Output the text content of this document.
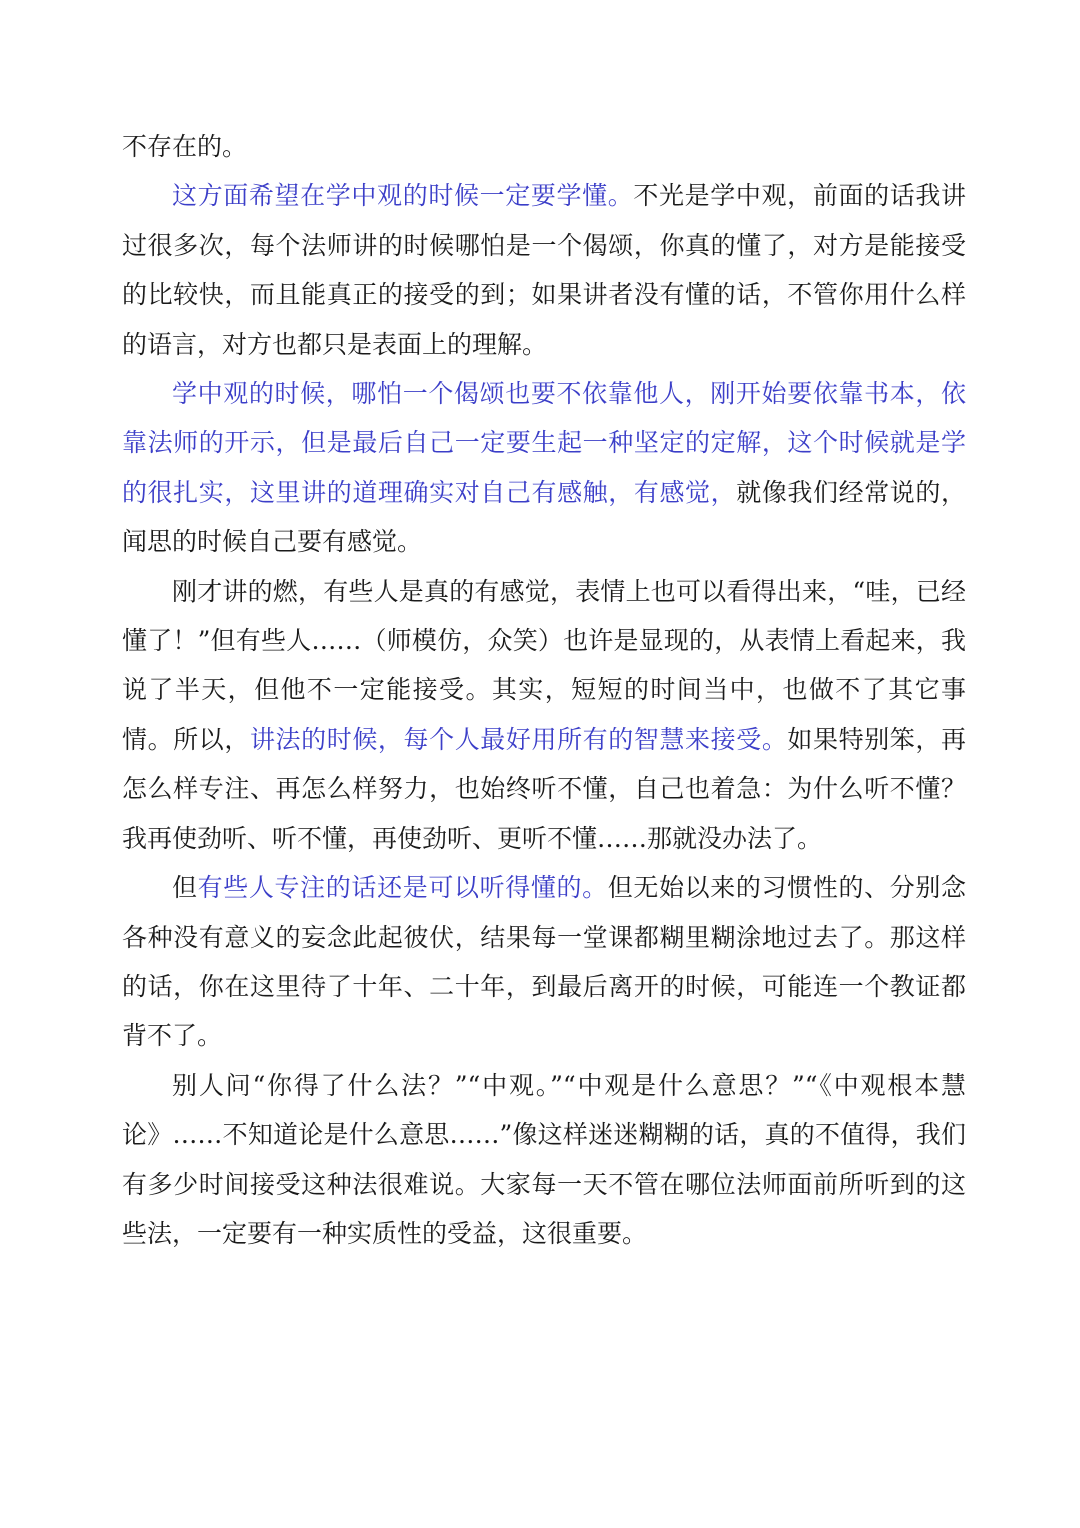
不存在的。

这方面希望在学中观的时候一定要学懂。不光是学中观，前面的话我讲过很多次，每个法师讲的时候哪怕是一个偈颂，你真的懂了，对方是能接受的比较快，而且能真正的接受的到；如果讲者没有懂的话，不管你用什么样的语言，对方也都只是表面上的理解。

学中观的时候，哪怕一个偈颂也要不依靠他人，刚开始要依靠书本，依靠法师的开示，但是最后自己一定要生起一种坚定的定解，这个时候就是学的很扎实，这里讲的道理确实对自己有感触，有感觉，就像我们经常说的，闻思的时候自己要有感觉。

刚才讲的燃，有些人是真的有感觉，表情上也可以看得出来，“哇，已经懂了！”但有些人……（师模仿，众笑）也许是显现的，从表情上看起来，我说了半天，但他不一定能接受。其实，短短的时间当中，也做不了其它事情。所以，讲法的时候，每个人最好用所有的智慧来接受。如果特别笨，再怎么样专注、再怎么样努力，也始终听不懂，自己也着急：为什么听不懂？我再使劲听、听不懂，再使劲听、更听不懂……那就没办法了。

但有些人专注的话还是可以听得懂的。但无始以来的习惯性的、分别念各种没有意义的妄念此起彼伏，结果每一堂课都糊里糊涂地过去了。那这样的话，你在这里待了十年、二十年，到最后离开的时候，可能连一个教证都背不了。

别人问“你得了什么法？”“中观。”“中观是什么意思？”“《中观根本慧论》……不知道论是什么意思……”像这样迷迷糊糊的话，真的不值得，我们有多少时间接受这种法很难说。大家每一天不管在哪位法师面前所听到的这些法，一定要有一种实质性的受益，这很重要。
